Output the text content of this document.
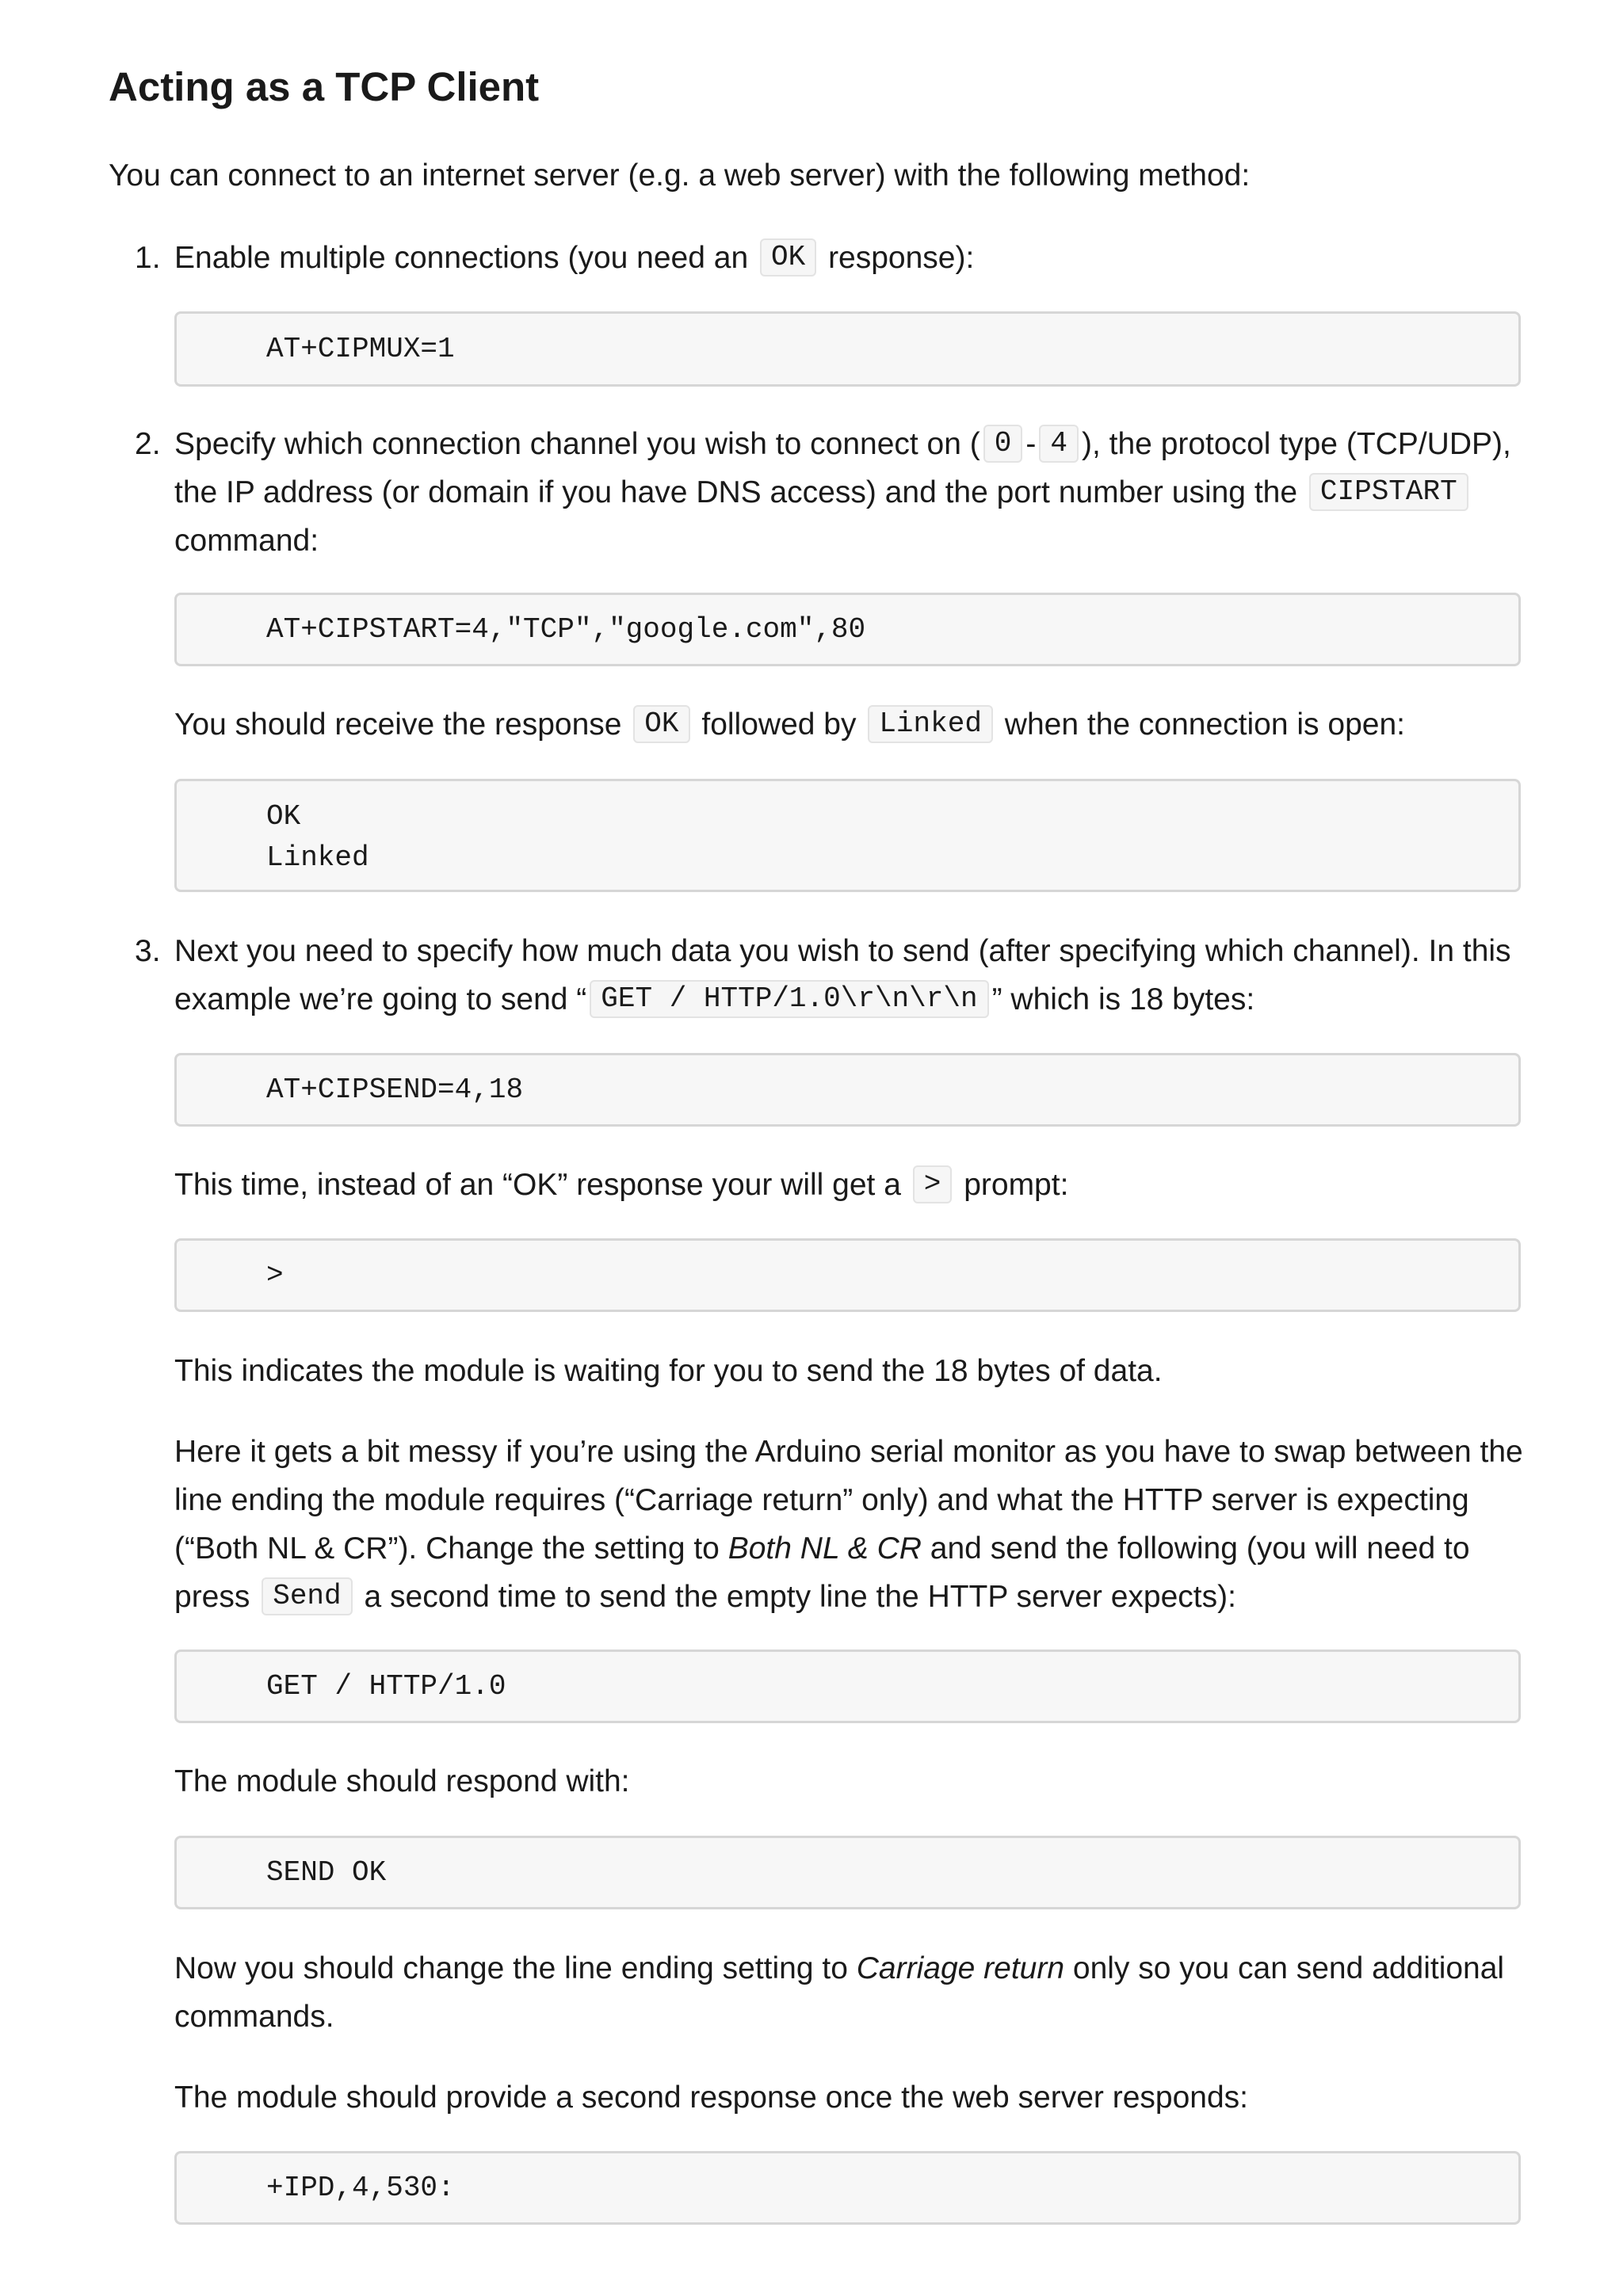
Acting as a TCP Client

You can connect to an internet server (e.g. a web server) with the following method:

1. Enable multiple connections (you need an OK response):

AT+CIPMUX=1
2. Specify which connection channel you wish to connect on ( 0 - 4 ), the protocol type (TCP/UDP),

the IP address (or domain if you have DNS access) and the port number using the CIPSTART

command:

AT+CIPSTART=4,"TCP","google.com",80

You should receive the response OK followed by Linked when the connection is open:

OK
Linked
3. Next you need to specify how much data you wish to send (after specifying which channel). In this

example we’re going to send “ GET / HTTP/1.0\r\n\r\n ” which is 18 bytes:

AT+CIPSEND=4,18

This time, instead of an “OK” response your will get a > prompt:

>

This indicates the module is waiting for you to send the 18 bytes of data.

Here it gets a bit messy if you’re using the Arduino serial monitor as you have to swap between the

line ending the module requires (“Carriage return” only) and what the HTTP server is expecting

(“Both NL & CR”). Change the setting to Both NL & CR and send the following (you will need to

press Send a second time to send the empty line the HTTP server expects):

GET / HTTP/1.0

The module should respond with:

SEND OK

Now you should change the line ending setting to Carriage return only so you can send additional

commands.

The module should provide a second response once the web server responds:

+IPD,4,530:
